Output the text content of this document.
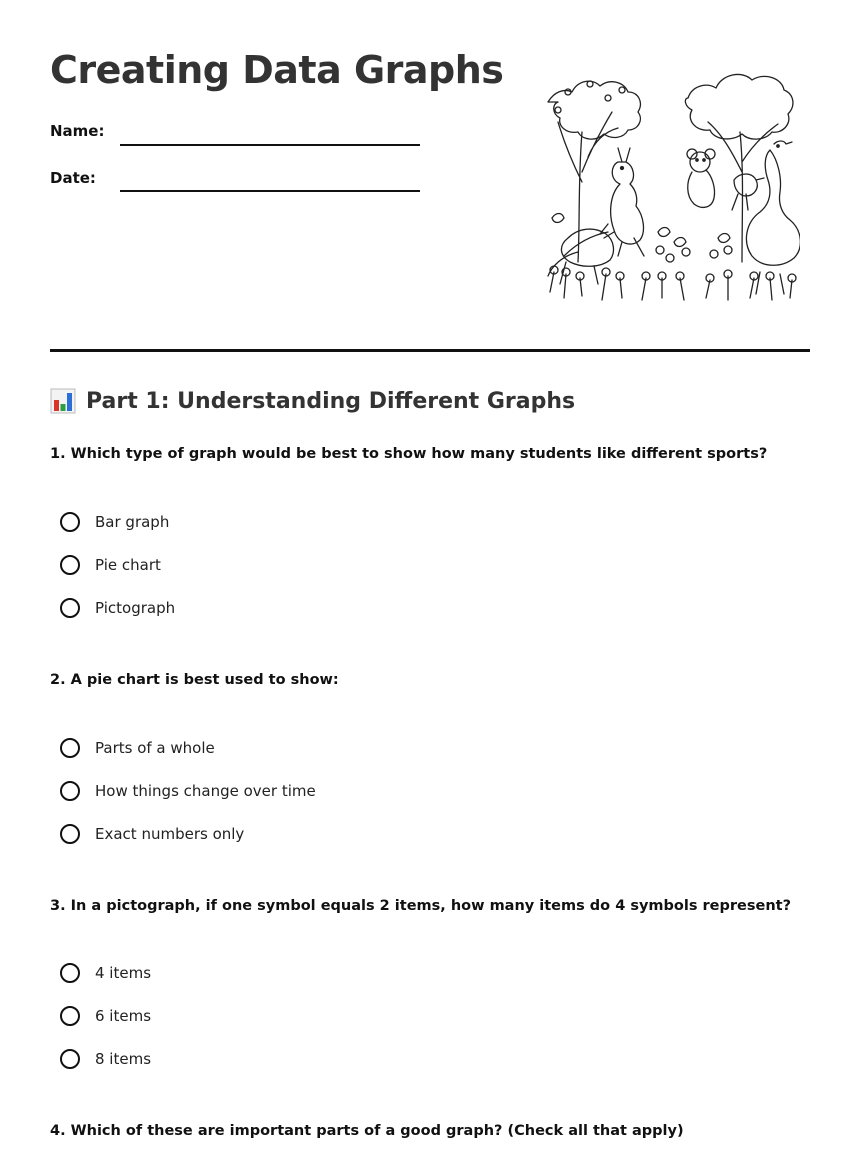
Creating Data Graphs
Name:
Date:
Part 1: Understanding Different Graphs

1. Which type of graph would be best to show how many students like different sports?

Bar graph
Pie chart
Pictograph

2. A pie chart is best used to show:

Parts of a whole
How things change over time
Exact numbers only

3. In a pictograph, if one symbol equals 2 items, how many items do 4 symbols represent?

4 items
6 items
8 items

4. Which of these are important parts of a good graph? (Check all that apply)
